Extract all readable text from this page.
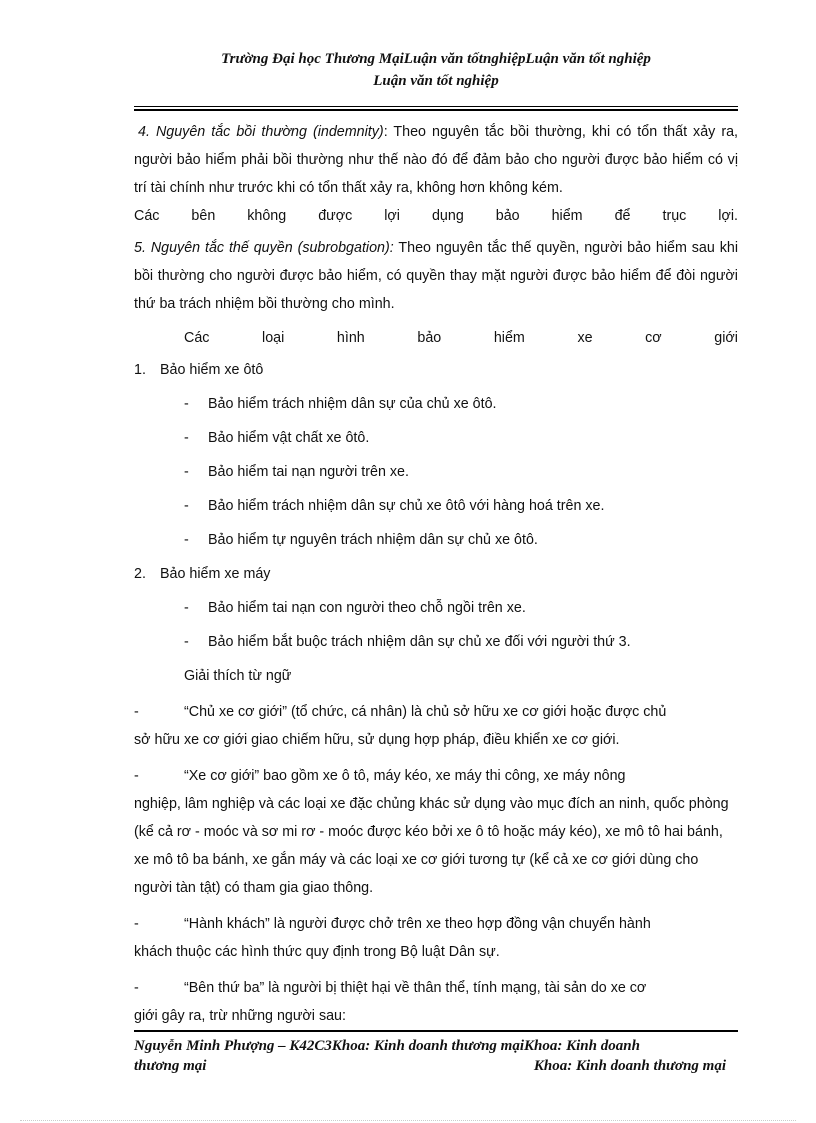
Trường Đại học Thương MạiLuận văn tốtnghiệpLuận văn tốt nghiệp
Luận văn tốt nghiệp

4. Nguyên tắc bồi thường (indemnity): Theo nguyên tắc bồi thường, khi có tổn thất xảy ra, người bảo hiểm phải bồi thường như thế nào đó để đảm bảo cho người được bảo hiểm có vị trí tài chính như trước khi có tổn thất xảy ra, không hơn không kém.

Các bên không được lợi dụng bảo hiểm để trục lợi.

5. Nguyên tắc thế quyền (subrobgation): Theo nguyên tắc thế quyền, người bảo hiểm sau khi bồi thường cho người được bảo hiểm, có quyền thay mặt người được bảo hiểm để đòi người thứ ba trách nhiệm bồi thường cho mình.

Các loại hình bảo hiểm xe cơ giới

1. Bảo hiểm xe ôtô
-	Bảo hiểm trách nhiệm dân sự của chủ xe ôtô.
-	Bảo hiểm vật chất xe ôtô.
-	Bảo hiểm tai nạn người trên xe.
-	Bảo hiểm trách nhiệm dân sự chủ xe ôtô với hàng hoá trên xe.
-	Bảo hiểm tự nguyên trách nhiệm dân sự chủ xe ôtô.
2. Bảo hiểm xe máy
-	Bảo hiểm tai nạn con người theo chỗ ngồi trên xe.
-	Bảo hiểm bắt buộc trách nhiệm dân sự chủ xe đối với người thứ 3.
Giải thích từ ngữ
-	“Chủ xe cơ giới” (tổ chức, cá nhân) là chủ sở hữu xe cơ giới hoặc được chủ
sở hữu xe cơ giới giao chiếm hữu, sử dụng hợp pháp, điều khiển xe cơ giới.
-	“Xe cơ giới” bao gồm xe ô tô, máy kéo, xe máy thi công, xe máy nông
nghiệp, lâm nghiệp và các loại xe đặc chủng khác sử dụng vào mục đích an ninh, quốc phòng (kể cả rơ - moóc và sơ mi rơ - moóc được kéo bởi xe ô tô hoặc máy kéo), xe mô tô hai bánh, xe mô tô ba bánh, xe gắn máy và các loại xe cơ giới tương tự (kể cả xe cơ giới dùng cho người tàn tật) có tham gia giao thông.
-	“Hành khách” là người được chở trên xe theo hợp đồng vận chuyển hành
khách thuộc các hình thức quy định trong Bộ luật Dân sự.
-	“Bên thứ ba” là người bị thiệt hại về thân thể, tính mạng, tài sản do xe cơ
giới gây ra, trừ những người sau:
Nguyễn Minh Phượng – K42C3Khoa: Kinh doanh thương mạiKhoa: Kinh doanh
thương mại	Khoa: Kinh doanh thương mại
